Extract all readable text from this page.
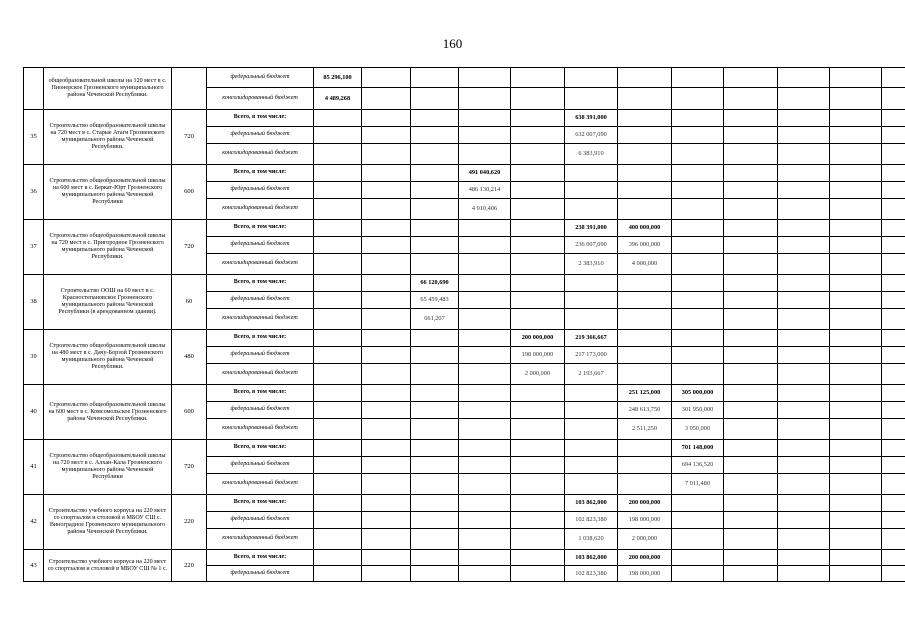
160
	общеобразовательной школы на 120 мест в с. Пионерское Грозненского муниципального района Чеченской Республики.		федеральный бюджет	85 296,100											
			консолидированный бюджет	4 489,268											
35	Строительство общеобразовательной школы на 720 мест в с. Старые Атаги Грозненского муниципального района Чеченской Республики.	720	Всего, в том числе:						638 391,000						
			федеральный бюджет						632 007,090						
			консолидированный бюджет						6 383,910						
36	Строительство общеобразовательной школы на 600 мест в с. Беркат-Юрт Грозненского муниципального района Чеченской Республики	600	Всего, в том числе:				491 040,620								
			федеральный бюджет				486 130,214								
			консолидированный бюджет				4 910,406								
37	Строительство общеобразовательной школы на 720 мест в с. Пригородное Грозненского муниципального района Чеченской Республики.	720	Всего, в том числе:						238 391,000	400 000,000					
			федеральный бюджет						236 007,090	396 000,000					
			консолидированный бюджет						2 383,910	4 000,000					
38	Строительство ООШ на 60 мест в с. Красностепановское Грозненского муниципального района Чеченской Республики (в арендованном здании).	60	Всего, в том числе:			66 120,690									
			федеральный бюджет			65 459,483									
			консолидированный бюджет			661,207									
39	Строительство общеобразовательной школы на 480 мест в с. Дачу-Борзой Грозненского муниципального района Чеченской Республики.	480	Всего, в том числе:					200 000,000	219 366,667						
			федеральный бюджет					198 000,000	217 173,000						
			консолидированный бюджет					2 000,000	2 193,667						
40	Строительство общеобразовательной школы на 600 мест в с. Комсомольское Грозненского района Чеченской Республики.	600	Всего, в том числе:							251 125,000	305 000,000				
			федеральный бюджет							248 613,750	301 950,000				
			консолидированный бюджет							2 511,250	3 050,000				
41	Строительство общеобразовательной школы на 720 мест в с. Алхан-Кала Грозненского муниципального района Чеченской Республики	720	Всего, в том числе:								701 148,000				
			федеральный бюджет								694 136,520				
			консолидированный бюджет								7 011,480				
42	Строительство учебного корпуса на 220 мест со спортзалом и столовой в МБОУ СШ с. Виноградное Грозненского муниципального района Чеченской Республики.	220	Всего, в том числе:						103 862,000	200 000,000					
			федеральный бюджет						102 823,380	198 000,000					
			консолидированный бюджет						1 038,620	2 000,000					
43	Строительство учебного корпуса на 220 мест со спортзалом и столовой в МБОУ СШ № 1 с.	220	Всего, в том числе:						103 862,000	200 000,000					
			федеральный бюджет						102 823,380	198 000,000					
